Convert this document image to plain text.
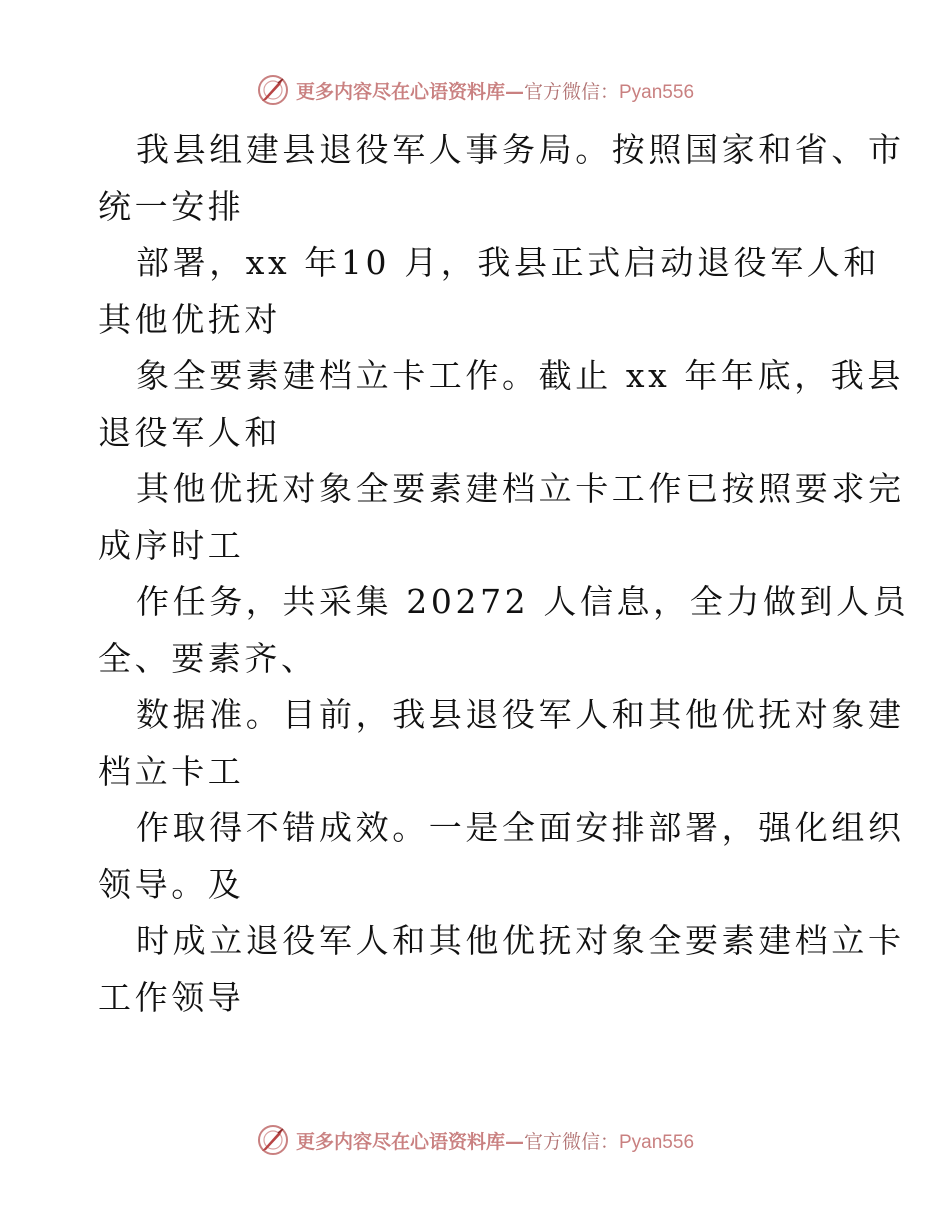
更多内容尽在心语资料库—官方微信：Pyan556
我县组建县退役军人事务局。按照国家和省、市
统一安排
部署，xx 年10 月，我县正式启动退役军人和
其他优抚对
象全要素建档立卡工作。截止 xx 年年底，我县
退役军人和
其他优抚对象全要素建档立卡工作已按照要求完
成序时工
作任务，共采集 20272 人信息，全力做到人员
全、要素齐、
数据准。目前，我县退役军人和其他优抚对象建
档立卡工
作取得不错成效。一是全面安排部署，强化组织
领导。及
时成立退役军人和其他优抚对象全要素建档立卡
工作领导
更多内容尽在心语资料库—官方微信：Pyan556
